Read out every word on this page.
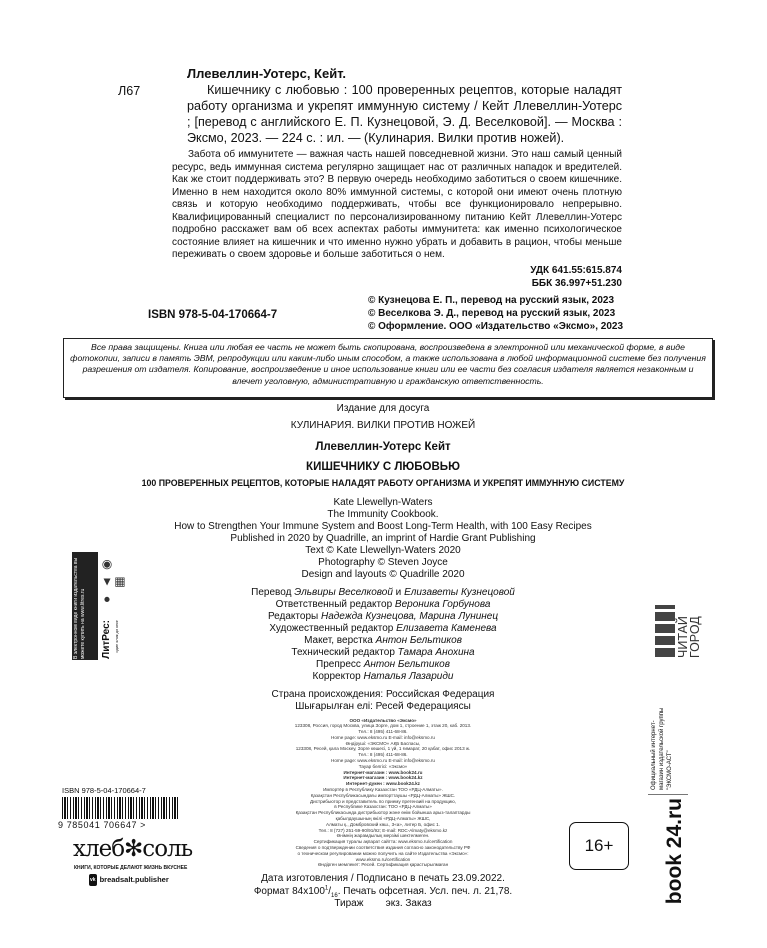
Л67
Ллевеллин-Уотерс, Кейт.
Кишечнику с любовью : 100 проверенных рецептов, которые наладят работу организма и укрепят иммунную систему / Кейт Ллевеллин-Уотерс ; [перевод с английского Е. П. Кузнецовой, Э. Д. Веселковой]. — Москва : Эксмо, 2023. — 224 с. : ил. — (Кулинария. Вилки против ножей).

Забота об иммунитете — важная часть нашей повседневной жизни. Это наш самый ценный ресурс, ведь иммунная система регулярно защищает нас от различных нападок и вредителей. Как же стоит поддерживать это? В первую очередь необходимо заботиться о своем кишечнике. Именно в нем находится около 80% иммунной системы, с которой они имеют очень плотную связь и которую необходимо поддерживать, чтобы все функционировало непрерывно. Квалифицированный специалист по персонализированному питанию Кейт Ллевеллин-Уотерс подробно расскажет вам об всех аспектах работы иммунитета: как именно психологическое состояние влияет на кишечник и что именно нужно убрать и добавить в рацион, чтобы меньше переживать о своем здоровье и больше заботиться о нем.

УДК 641.55:615.874
ББК 36.997+51.230
ISBN 978-5-04-170664-7
© Кузнецова Е. П., перевод на русский язык, 2023
© Веселкова Э. Д., перевод на русский язык, 2023
© Оформление. ООО «Издательство «Эксмо», 2023
Все права защищены. Книга или любая ее часть не может быть скопирована, воспроизведена в электронной или механической форме, в виде фотокопии, записи в память ЭВМ, репродукции или каким-либо иным способом, а также использована в любой информационной системе без получения разрешения от издателя. Копирование, воспроизведение и иное использование книги или ее части без согласия издателя является незаконным и влечет уголовную, административную и гражданскую ответственность.
Издание для досуга
КУЛИНАРИЯ. ВИЛКИ ПРОТИВ НОЖЕЙ
Ллевеллин-Уотерс Кейт
КИШЕЧНИКУ С ЛЮБОВЬЮ
100 ПРОВЕРЕННЫХ РЕЦЕПТОВ, КОТОРЫЕ НАЛАДЯТ РАБОТУ ОРГАНИЗМА И УКРЕПЯТ ИММУННУЮ СИСТЕМУ
Kate Llewellyn-Waters
The Immunity Cookbook.
How to Strengthen Your Immune System and Boost Long-Term Health, with 100 Easy Recipes
Published in 2020 by Quadrille, an imprint of Hardie Grant Publishing
Text © Kate Llewellyn-Waters 2020
Photography © Steven Joyce
Design and layouts © Quadrille 2020
Перевод Эльвиры Веселковой и Елизаветы Кузнецовой
Ответственный редактор Вероника Горбунова
Редакторы Надежда Кузнецова, Марина Лунинец
Художественный редактор Елизавета Каменева
Макет, верстка Антон Бельтиков
Технический редактор Тамара Анохина
Препресс Антон Бельтиков
Корректор Наталья Лазариди
Страна происхождения: Российская Федерация
Шығарылған елі: Ресей Федерациясы
ООО «Издательство «Эксмо»
123308, Россия, город Москва, улица Зорге, дом 1, строение 1, этаж 20, каб. 2013.
Тел.: 8 (495) 411-68-86.
Home page: www.eksmo.ru E-mail: info@eksmo.ru
Өндіруші: «ЭКСМО» АҚБ Баспасы,
123308, Ресей, қала Мәскеу, Зорге көшесі, 1 үй, 1 ғимарат, 20 қабат, офис 2013 ж.
Тел.: 8 (495) 411-68-86.
Home page: www.eksmo.ru E-mail: info@eksmo.ru
Тауар белгісі: «Эксмо»
Интернет-магазин : www.book24.ru
Интернет-магазин : www.book24.kz
Интернет-дүкен : www.book24.kz
Импортёр в Республику Казахстан ТОО «РДЦ-Алматы».
Қазақстан Республикасындағы импорттаушы «РДЦ-Алматы» ЖШС.
Дистрибьютор и представитель по приему претензий на продукцию,
в Республике Казахстан: ТОО «РДЦ-Алматы»
Қазақстан Республикасында дистрибьютор және өнім бойынша арыз-талаптарды
қабылдаушының өкілі «РДЦ-Алматы» ЖШС,
Алматы қ., Домбровский көш., 3«а», литер Б, офис 1.
Тел.: 8 (727) 251-59-90/91/92; E-mail: RDC-Almaty@eksmo.kz
Өнімнің жарамдылық мерзімі шектелмеген.
Сертификация туралы ақпарат сайтта: www.eksmo.ru/certification
Сведения о подтверждении соответствия издания согласно законодательству РФ
о техническом регулировании можно получить на сайте Издательства «Эксмо»:
www.eksmo.ru/certification
Өндірген мемлекет: Ресей. Сертификация қарастырылмаған
Дата изготовления / Подписано в печать 23.09.2022.
Формат $84x100^1/_{16}$. Печать офсетная. Усл. печ. л. 21,78.
Тираж        экз. Заказ
В электронном виде книги издательства вы можете купить на www.litres.ru	● ▲ ◉ ▦
ЛитРес: один клик до книг
ISBN 978-5-04-170664-7
9 785041 706647 >
хлеб✻соль
КНИГИ, КОТОРЫЕ ДЕЛАЮТ ЖИЗНЬ ВКУСНЕЕ
vk breadsalt.publisher
16+
ЧИТАЙ
ГОРОД
Официальный интернет-магазин издательской группы "ЭКСМО-АСТ"
book 24.ru
